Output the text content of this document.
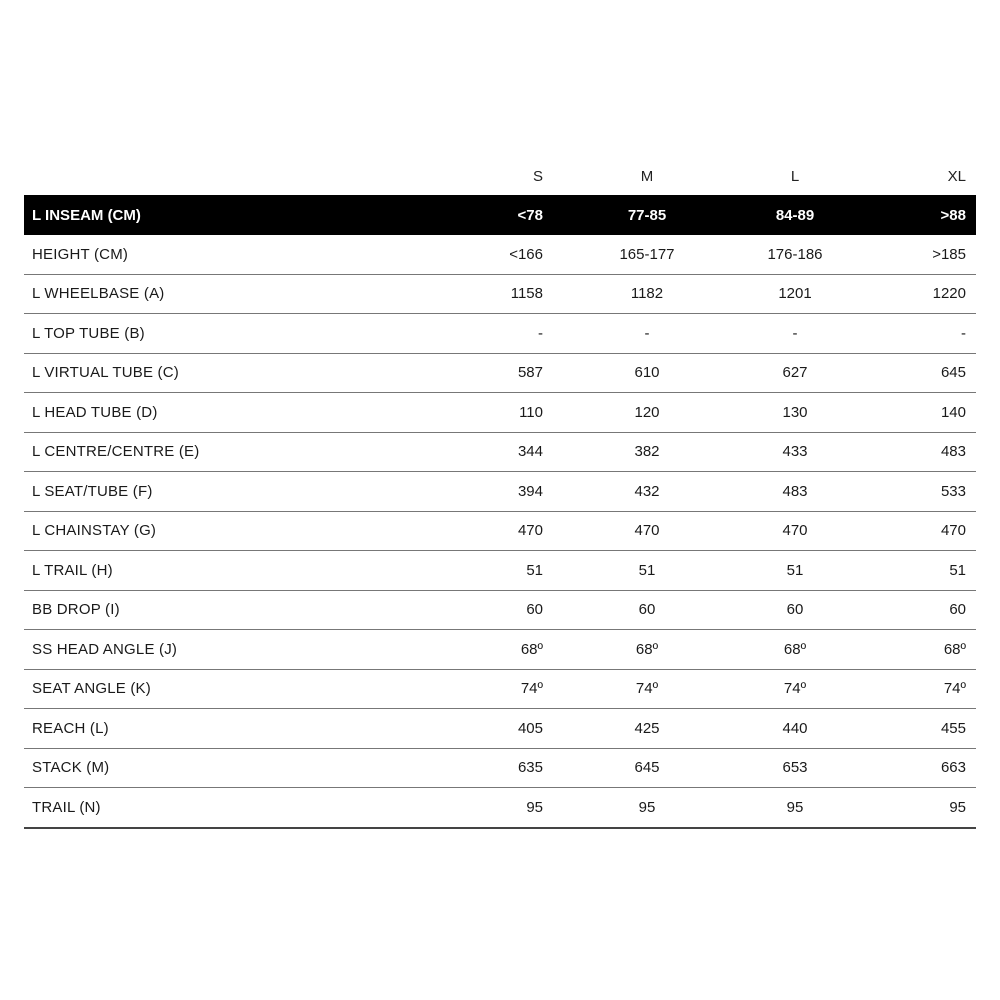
	S	M	L	XL
L INSEAM (CM)	<78	77-85	84-89	>88
HEIGHT (CM)	<166	165-177	176-186	>185
L WHEELBASE (A)	1158	1182	1201	1220
L TOP TUBE (B)	-	-	-	-
L VIRTUAL TUBE (C)	587	610	627	645
L HEAD TUBE (D)	110	120	130	140
L CENTRE/CENTRE (E)	344	382	433	483
L SEAT/TUBE (F)	394	432	483	533
L CHAINSTAY (G)	470	470	470	470
L TRAIL (H)	51	51	51	51
BB DROP (I)	60	60	60	60
SS HEAD ANGLE (J)	68º	68º	68º	68º
SEAT ANGLE (K)	74º	74º	74º	74º
REACH (L)	405	425	440	455
STACK (M)	635	645	653	663
TRAIL (N)	95	95	95	95
